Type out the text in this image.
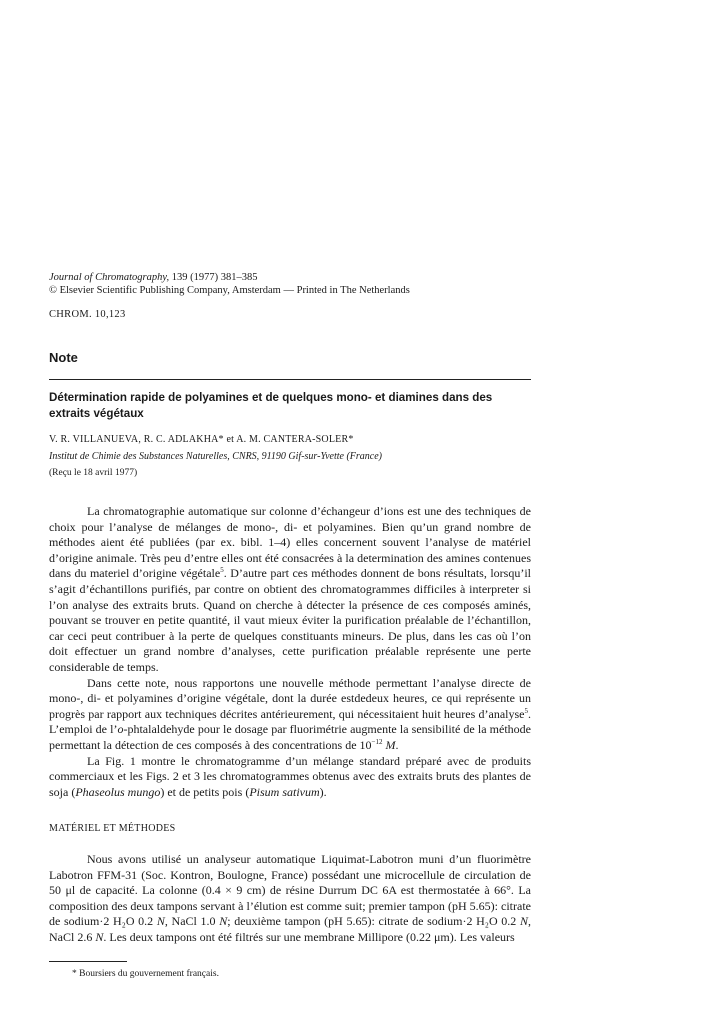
Journal of Chromatography, 139 (1977) 381–385
© Elsevier Scientific Publishing Company, Amsterdam — Printed in The Netherlands
CHROM. 10,123
Note
Détermination rapide de polyamines et de quelques mono- et diamines dans des extraits végétaux
V. R. VILLANUEVA, R. C. ADLAKHA* et A. M. CANTERA-SOLER*
Institut de Chimie des Substances Naturelles, CNRS, 91190 Gif-sur-Yvette (France)
(Reçu le 18 avril 1977)

La chromatographie automatique sur colonne d’échangeur d’ions est une des techniques de choix pour l’analyse de mélanges de mono-, di- et polyamines. Bien qu’un grand nombre de méthodes aient été publiées (par ex. bibl. 1–4) elles concernent souvent l’analyse de matériel d’origine animale. Très peu d’entre elles ont été consacrées à la determination des amines contenues dans du materiel d’origine végétale$^5$. D’autre part ces méthodes donnent de bons résultats, lorsqu’il s’agit d’échantillons purifiés, par contre on obtient des chromatogrammes difficiles à interpreter si l’on analyse des extraits bruts. Quand on cherche à détecter la présence de ces composés aminés, pouvant se trouver en petite quantité, il vaut mieux éviter la purification préalable de l’échantillon, car ceci peut contribuer à la perte de quelques constituants mineurs. De plus, dans les cas où l’on doit effectuer un grand nombre d’analyses, cette purification préalable représente une perte considerable de temps.

Dans cette note, nous rapportons une nouvelle méthode permettant l’analyse directe de mono-, di- et polyamines d’origine végétale, dont la durée estdedeux heures, ce qui représente un progrès par rapport aux techniques décrites antérieurement, qui nécessitaient huit heures d’analyse$^5$. L’emploi de l’o-phtalaldehyde pour le dosage par fluorimétrie augmente la sensibilité de la méthode permettant la détection de ces composés à des concentrations de $10^{-12}$ M.

La Fig. 1 montre le chromatogramme d’un mélange standard préparé avec de produits commerciaux et les Figs. 2 et 3 les chromatogrammes obtenus avec des extraits bruts des plantes de soja (Phaseolus mungo) et de petits pois (Pisum sativum).

MATÉRIEL ET MÉTHODES

Nous avons utilisé un analyseur automatique Liquimat-Labotron muni d’un fluorimètre Labotron FFM-31 (Soc. Kontron, Boulogne, France) possédant une microcellule de circulation de 50 μl de capacité. La colonne (0.4 × 9 cm) de résine Durrum DC 6A est thermostatée à 66°. La composition des deux tampons servant à l’élution est comme suit; premier tampon (pH 5.65): citrate de sodium·2 H₂O 0.2 N, NaCl 1.0 N; deuxième tampon (pH 5.65): citrate de sodium·2 H₂O 0.2 N, NaCl 2.6 N. Les deux tampons ont été filtrés sur une membrane Millipore (0.22 μm). Les valeurs

* Boursiers du gouvernement français.
